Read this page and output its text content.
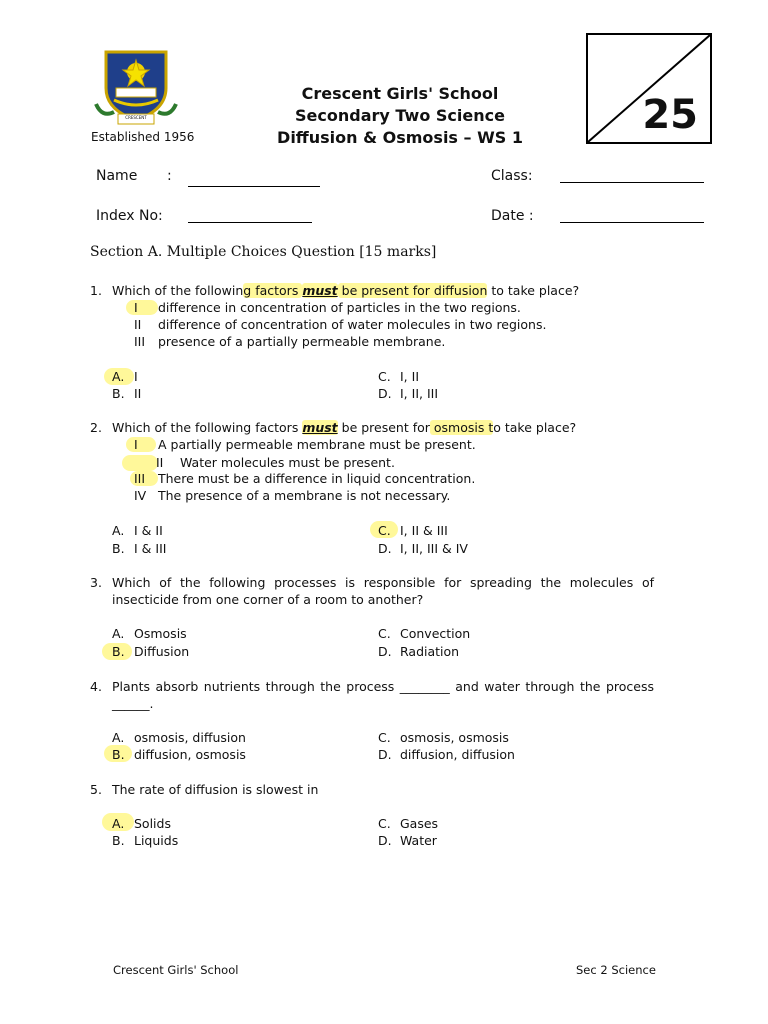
CRESCENT
Established 1956
Crescent Girls' School
Secondary Two Science
Diffusion & Osmosis – WS 1	25
Name :	Class:
Index No:	Date :
Section A. Multiple Choices Question [15 marks]
1. Which of the following factors must be present for diffusion to take place?
I difference in concentration of particles in the two regions.
II difference of concentration of water molecules in two regions.
III presence of a partially permeable membrane.
A. I
B. II
C. I, II
D. I, II, III
2. Which of the following factors must be present for osmosis to take place?
I A partially permeable membrane must be present.
II Water molecules must be present.
III There must be a difference in liquid concentration.
IV The presence of a membrane is not necessary.
A. I & II
B. I & III
C. I, II & III
D. I, II, III & IV
3. Which of the following processes is responsible for spreading the molecules of
insecticide from one corner of a room to another?
A. Osmosis
B. Diffusion
C. Convection
D. Radiation
4. Plants absorb nutrients through the process ________ and water through the process
______.
A. osmosis, diffusion
B. diffusion, osmosis
C. osmosis, osmosis
D. diffusion, diffusion
5. The rate of diffusion is slowest in
A. Solids
B. Liquids
C. Gases
D. Water
Crescent Girls' School	Sec 2 Science
